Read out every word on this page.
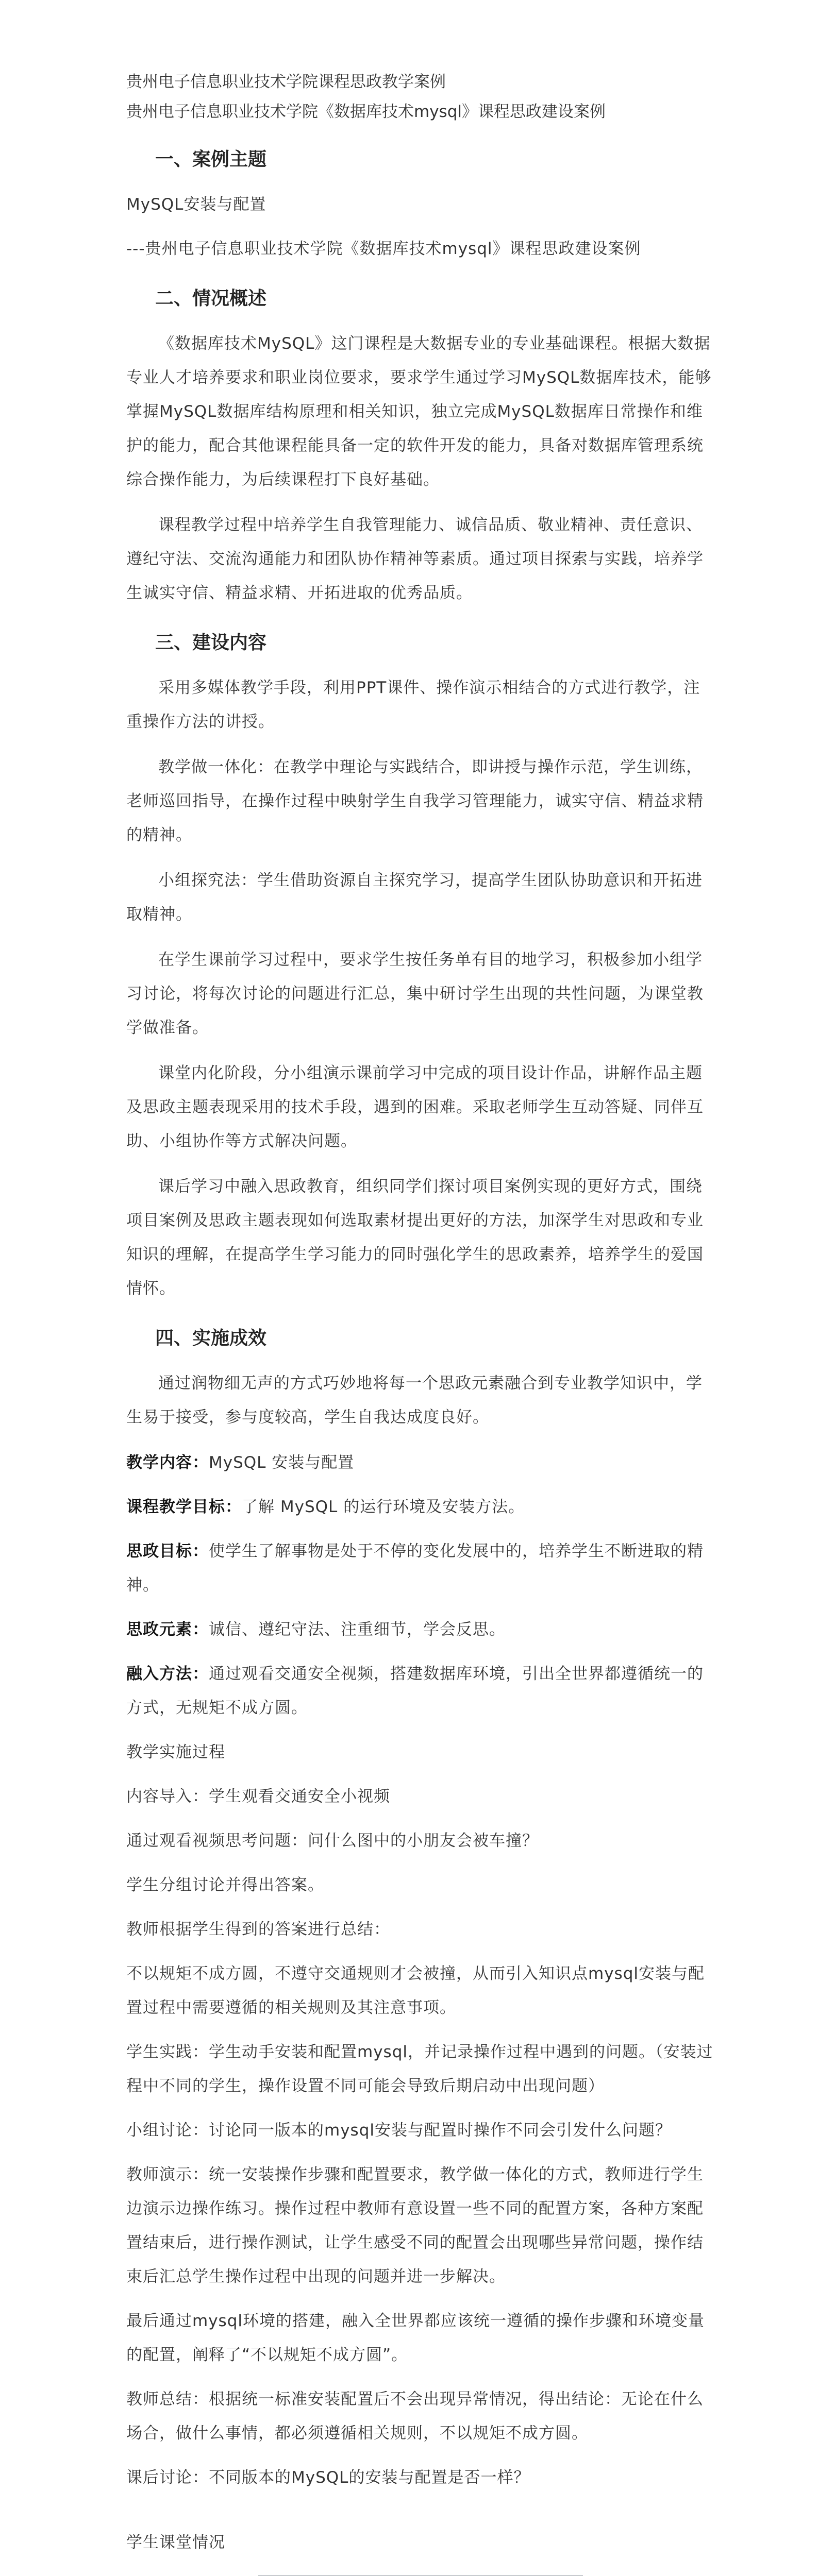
贵州电子信息职业技术学院课程思政教学案例

贵州电子信息职业技术学院《数据库技术mysql》课程思政建设案例

一、案例主题

MySQL安装与配置

---贵州电子信息职业技术学院《数据库技术mysql》课程思政建设案例

二、情况概述

《数据库技术MySQL》这门课程是大数据专业的专业基础课程。根据大数据专业人才培养要求和职业岗位要求，要求学生通过学习MySQL数据库技术，能够掌握MySQL数据库结构原理和相关知识，独立完成MySQL数据库日常操作和维护的能力，配合其他课程能具备一定的软件开发的能力，具备对数据库管理系统综合操作能力，为后续课程打下良好基础。

课程教学过程中培养学生自我管理能力、诚信品质、敬业精神、责任意识、遵纪守法、交流沟通能力和团队协作精神等素质。通过项目探索与实践，培养学生诚实守信、精益求精、开拓进取的优秀品质。

三、建设内容

采用多媒体教学手段，利用PPT课件、操作演示相结合的方式进行教学，注重操作方法的讲授。

教学做一体化：在教学中理论与实践结合，即讲授与操作示范，学生训练，老师巡回指导，在操作过程中映射学生自我学习管理能力，诚实守信、精益求精的精神。

小组探究法：学生借助资源自主探究学习，提高学生团队协助意识和开拓进取精神。

在学生课前学习过程中，要求学生按任务单有目的地学习，积极参加小组学习讨论，将每次讨论的问题进行汇总，集中研讨学生出现的共性问题，为课堂教学做准备。

课堂内化阶段，分小组演示课前学习中完成的项目设计作品，讲解作品主题及思政主题表现采用的技术手段，遇到的困难。采取老师学生互动答疑、同伴互助、小组协作等方式解决问题。

课后学习中融入思政教育，组织同学们探讨项目案例实现的更好方式，围绕项目案例及思政主题表现如何选取素材提出更好的方法，加深学生对思政和专业知识的理解，在提高学生学习能力的同时强化学生的思政素养，培养学生的爱国情怀。

四、实施成效

通过润物细无声的方式巧妙地将每一个思政元素融合到专业教学知识中，学生易于接受，参与度较高，学生自我达成度良好。

教学内容：MySQL 安装与配置

课程教学目标：了解 MySQL 的运行环境及安装方法。

思政目标：使学生了解事物是处于不停的变化发展中的，培养学生不断进取的精神。

思政元素：诚信、遵纪守法、注重细节，学会反思。

融入方法：通过观看交通安全视频，搭建数据库环境，引出全世界都遵循统一的方式，无规矩不成方圆。

教学实施过程

内容导入：学生观看交通安全小视频

通过观看视频思考问题：问什么图中的小朋友会被车撞？

学生分组讨论并得出答案。

教师根据学生得到的答案进行总结：

不以规矩不成方圆，不遵守交通规则才会被撞，从而引入知识点mysql安装与配置过程中需要遵循的相关规则及其注意事项。

学生实践：学生动手安装和配置mysql，并记录操作过程中遇到的问题。（安装过程中不同的学生，操作设置不同可能会导致后期启动中出现问题）

小组讨论：讨论同一版本的mysql安装与配置时操作不同会引发什么问题？

教师演示：统一安装操作步骤和配置要求，教学做一体化的方式，教师进行学生边演示边操作练习。操作过程中教师有意设置一些不同的配置方案，各种方案配置结束后，进行操作测试，让学生感受不同的配置会出现哪些异常问题，操作结束后汇总学生操作过程中出现的问题并进一步解决。

最后通过mysql环境的搭建，融入全世界都应该统一遵循的操作步骤和环境变量的配置，阐释了“不以规矩不成方圆”。

教师总结：根据统一标准安装配置后不会出现异常情况，得出结论：无论在什么场合，做什么事情，都必须遵循相关规则，不以规矩不成方圆。

课后讨论：不同版本的MySQL的安装与配置是否一样？

学生课堂情况
